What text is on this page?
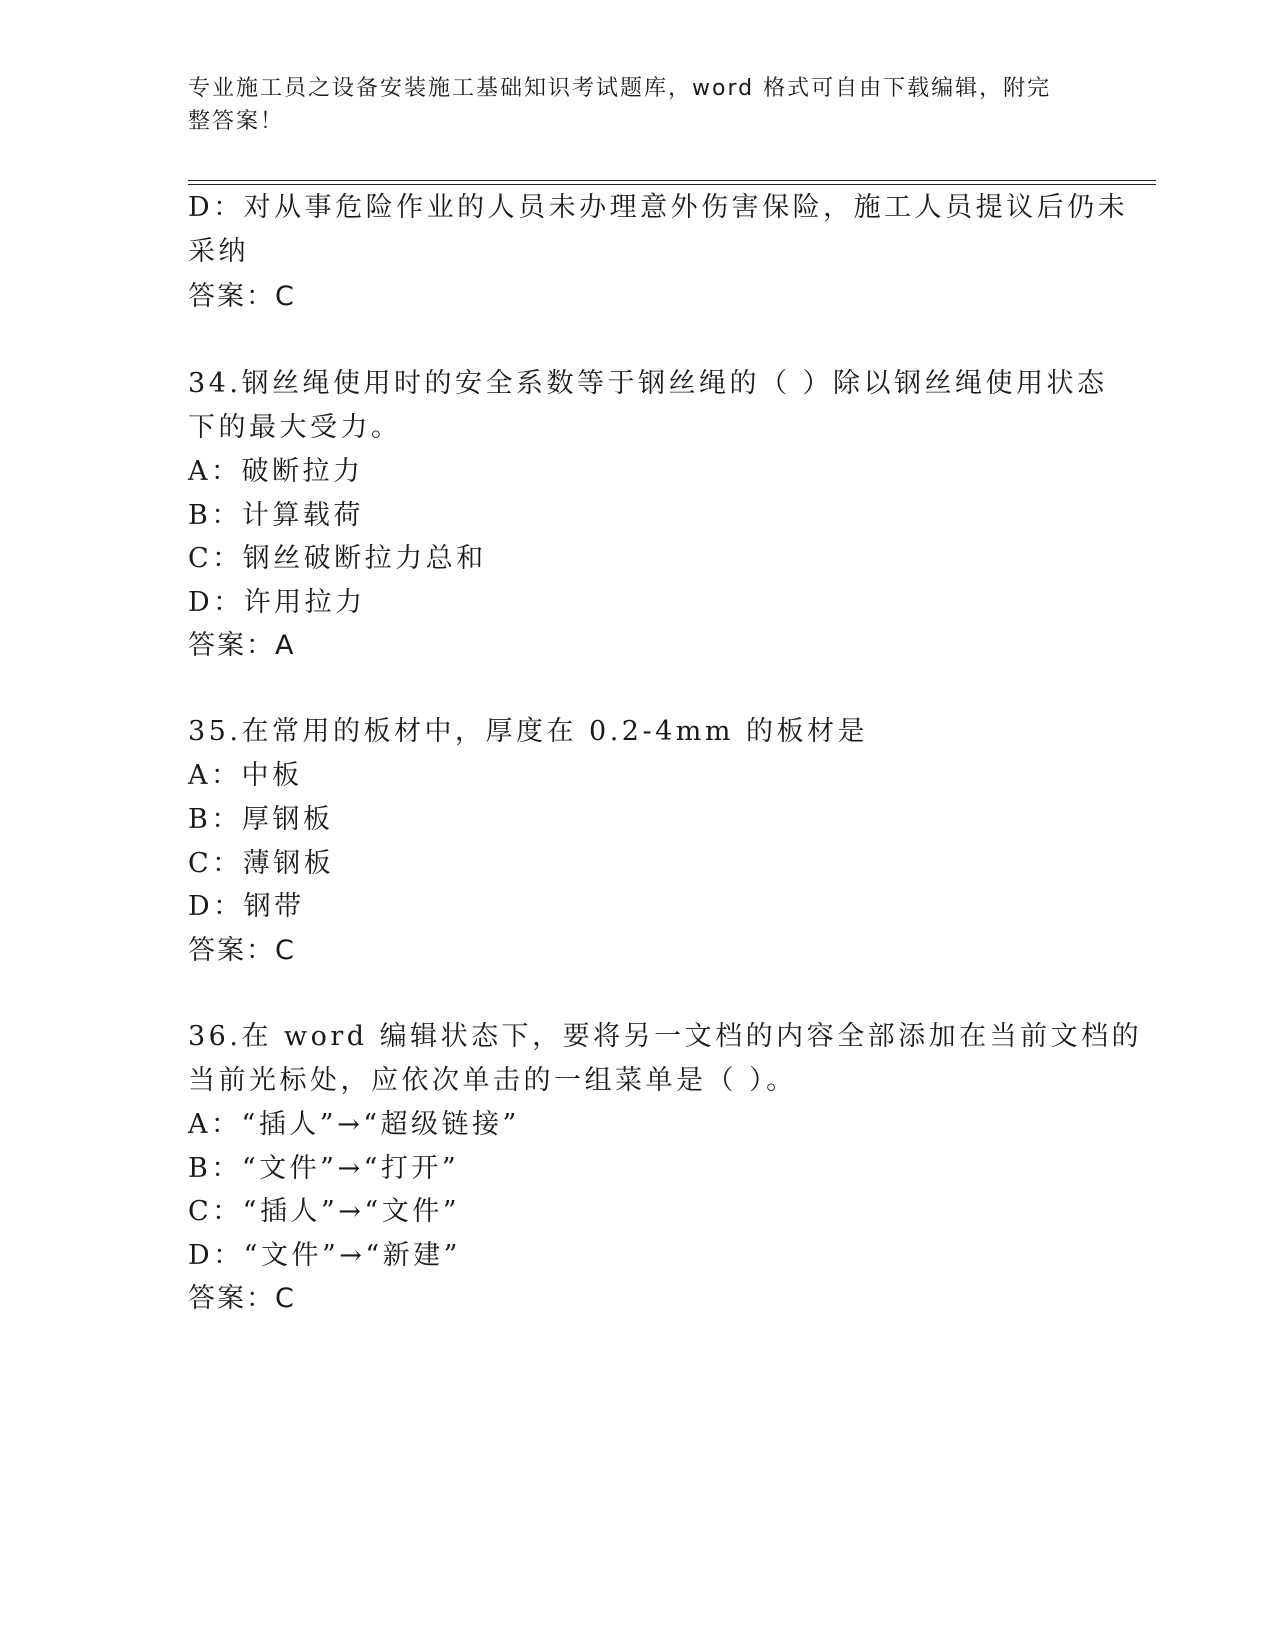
专业施工员之设备安装施工基础知识考试题库，word 格式可自由下载编辑，附完
整答案！
D：对从事危险作业的人员未办理意外伤害保险，施工人员提议后仍未
采纳
答案：C
34.钢丝绳使用时的安全系数等于钢丝绳的（ ）除以钢丝绳使用状态
下的最大受力。
A：破断拉力
B：计算载荷
C：钢丝破断拉力总和
D：许用拉力
答案：A
35.在常用的板材中，厚度在 0.2-4mm 的板材是
A：中板
B：厚钢板
C：薄钢板
D：钢带
答案：C
36.在 word 编辑状态下，要将另一文档的内容全部添加在当前文档的
当前光标处，应依次单击的一组菜单是（ ）。
A：“插人”→“超级链接”
B：“文件”→“打开”
C：“插人”→“文件”
D：“文件”→“新建”
答案：C
